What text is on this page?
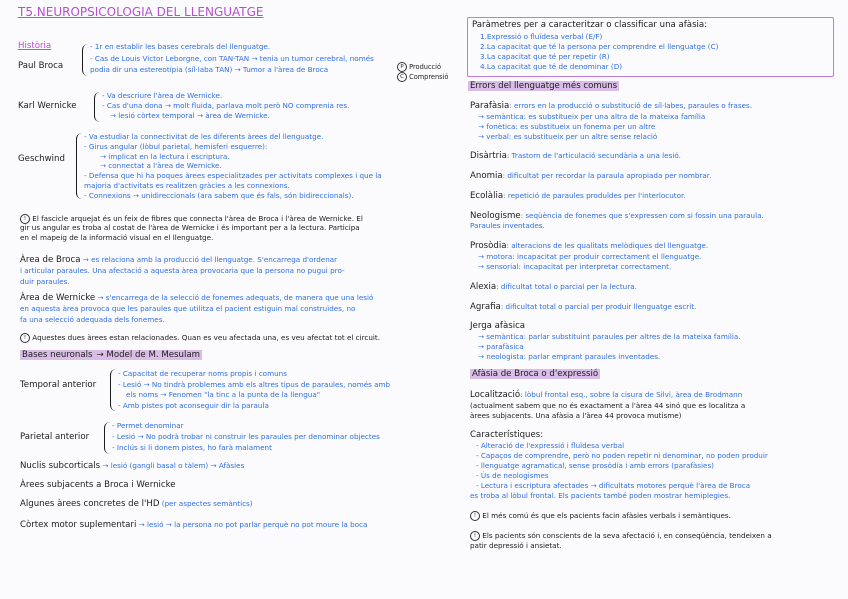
T5.NEUROPSICOLOGIA DEL LLENGUATGE
Història
Paul Broca
- 1r en establir les bases cerebrals del llenguatge.
- Cas de Louis Victor Leborgne, con TAN-TAN → tenia un tumor cerebral, només
podia dir una estereotípia (síl·laba TAN) → Tumor a l'àrea de Broca	P Producció
C Comprensió
Karl Wernicke
- Va descriure l'àrea de Wernicke.
- Cas d'una dona → molt fluida, parlava molt però NO comprenia res.
→ lesió còrtex temporal → àrea de Wernicke.
Geschwind
- Va estudiar la connectivitat de les diferents àrees del llenguatge.
- Girus angular (lòbul parietal, hemisferi esquerre):
→ implicat en la lectura i escriptura.
→ connectat a l'àrea de Wernicke.
- Defensa que hi ha poques àrees especialitzades per activitats complexes i que la
majoria d'activitats es realitzen gràcies a les connexions.
- Connexions → unidireccionals (ara sabem que és fals, són bidireccionals).
! El fascicle arquejat és un feix de fibres que connecta l'àrea de Broca i l'àrea de Wernicke. El
gir us angular es troba al costat de l'àrea de Wernicke i és important per a la lectura. Participa
en el mapeig de la informació visual en el llenguatge.
Àrea de Broca → es relaciona amb la producció del llenguatge. S'encarrega d'ordenar
i articular paraules. Una afectació a aquesta àrea provocaria que la persona no pugui pro-
duir paraules.
Àrea de Wernicke → s'encarrega de la selecció de fonemes adequats, de manera que una lesió
en aquesta àrea provoca que les paraules que utilitza el pacient estiguin mal construïdes, no
fa una selecció adequada dels fonemes.
! Aquestes dues àrees estan relacionades. Quan es veu afectada una, es veu afectat tot el circuit.
Bases neuronals → Model de M. Mesulam
Temporal anterior
- Capacitat de recuperar noms propis i comuns
- Lesió → No tindrà problemes amb els altres tipus de paraules, només amb
els noms → Fenomen "la tinc a la punta de la llengua"
- Amb pistes pot aconseguir dir la paraula
Parietal anterior
- Permet denominar
- Lesió → No podrà trobar ni construir les paraules per denominar objectes
- Inclús si li donem pistes, ho farà malament
Nuclis subcorticals → lesió (gangli basal o tàlem) → Afàsies
Àrees subjacents a Broca i Wernicke
Algunes àrees concretes de l'HD (per aspectes semàntics)
Còrtex motor suplementari → lesió → la persona no pot parlar perquè no pot moure la boca
Paràmetres per a caracteritzar o classificar una afàsia:
1.Expressió o fluïdesa verbal (E/F)
2.La capacitat que té la persona per comprendre el llenguatge (C)
3.La capacitat que té per repetir (R)
4.La capacitat que té de denominar (D)
Errors del llenguatge més comuns
Parafàsia: errors en la producció o substitució de síl·labes, paraules o frases.
→ semàntica: es substitueix per una altra de la mateixa família
→ fonètica: es substitueix un fonema per un altre
→ verbal: es substitueix per un altre sense relació
Disàrtria: Trastorn de l'articulació secundària a una lesió.
Anomia: dificultat per recordar la paraula apropiada per nombrar.
Ecolàlia: repetició de paraules produïdes per l'interlocutor.
Neologisme: seqüència de fonemes que s'expressen com si fossin una paraula.
Paraules inventades.
Prosòdia: alteracions de les qualitats melòdiques del llenguatge.
→ motora: incapacitat per produir correctament el llenguatge.
→ sensorial: incapacitat per interpretar correctament.
Alexia: dificultat total o parcial per la lectura.
Agrafia: dificultat total o parcial per produir llenguatge escrit.
Jerga afàsica
→ semàntica: parlar substituint paraules per altres de la mateixa família.
→ parafàsica
→ neologista: parlar emprant paraules inventades.
Afàsia de Broca o d'expressió
Localització: lòbul frontal esq., sobre la cisura de Silvi, àrea de Brodmann
(actualment sabem que no és exactament a l'àrea 44 sinó que es localitza a
àrees subjacents. Una afàsia a l'àrea 44 provoca mutisme)
Característiques:
- Alteració de l'expressió i fluïdesa verbal
- Capaços de comprendre, però no poden repetir ni denominar, no poden produir
- llenguatge agramatical, sense prosòdia i amb errors (parafàsies)
- Ús de neologismes
- Lectura i escriptura afectades → dificultats motores perquè l'àrea de Broca
es troba al lòbul frontal. Els pacients també poden mostrar hemiplegies.
! El més comú és que els pacients facin afàsies verbals i semàntiques.
! Els pacients són conscients de la seva afectació i, en conseqüència, tendeixen a
patir depressió i ansietat.
